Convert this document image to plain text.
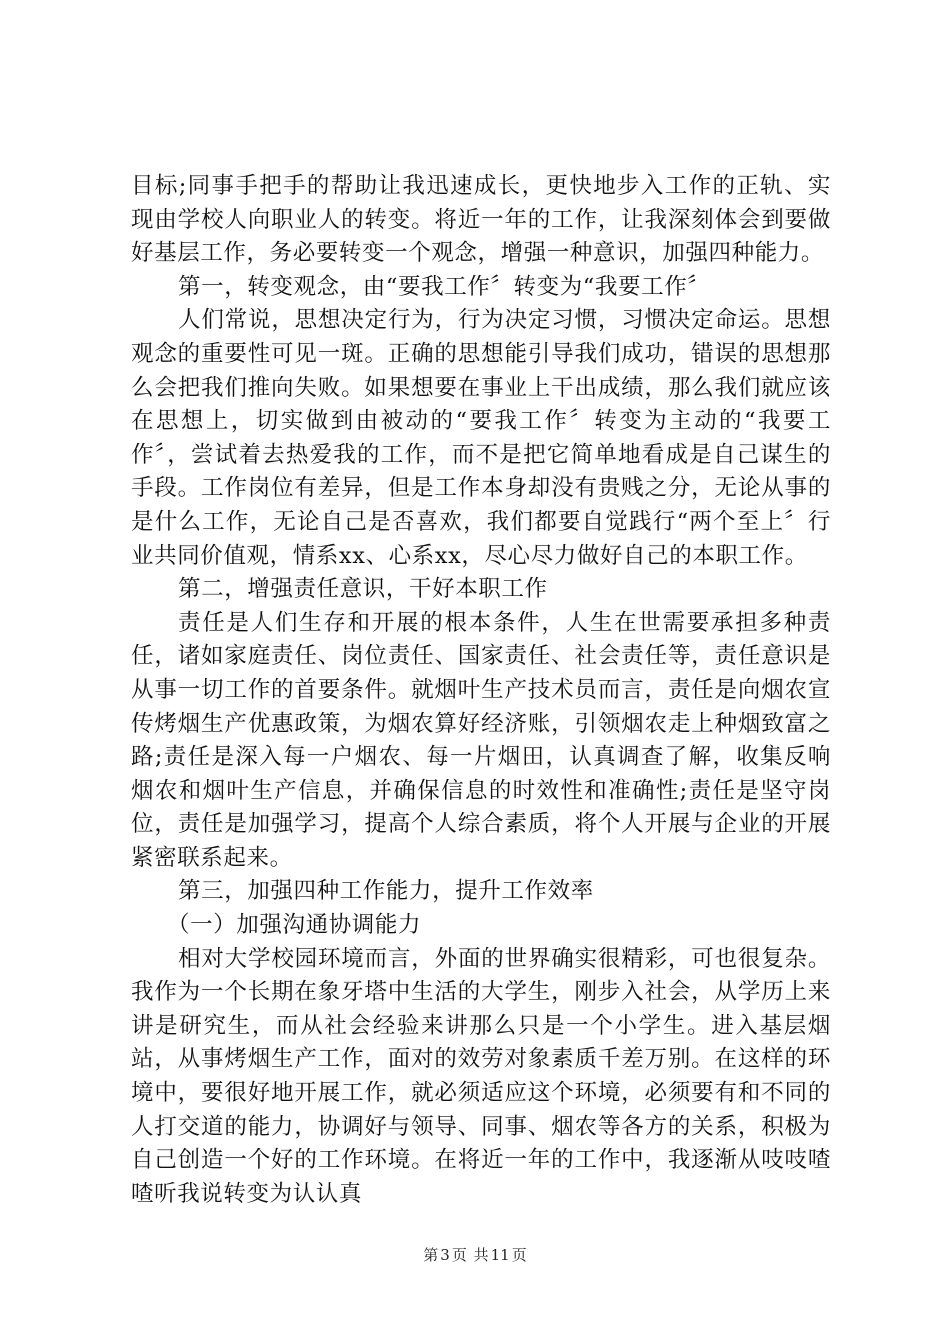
目标;同事手把手的帮助让我迅速成长，更快地步入工作的正轨、实现由学校人向职业人的转变。将近一年的工作，让我深刻体会到要做好基层工作，务必要转变一个观念，增强一种意识，加强四种能力。

第一，转变观念，由“要我工作〞转变为“我要工作〞

人们常说，思想决定行为，行为决定习惯，习惯决定命运。思想观念的重要性可见一斑。正确的思想能引导我们成功，错误的思想那么会把我们推向失败。如果想要在事业上干出成绩，那么我们就应该在思想上，切实做到由被动的“要我工作〞转变为主动的“我要工作〞，尝试着去热爱我的工作，而不是把它简单地看成是自己谋生的手段。工作岗位有差异，但是工作本身却没有贵贱之分，无论从事的是什么工作，无论自己是否喜欢，我们都要自觉践行“两个至上〞行业共同价值观，情系xx、心系xx，尽心尽力做好自己的本职工作。

第二，增强责任意识，干好本职工作

责任是人们生存和开展的根本条件，人生在世需要承担多种责任，诸如家庭责任、岗位责任、国家责任、社会责任等，责任意识是从事一切工作的首要条件。就烟叶生产技术员而言，责任是向烟农宣传烤烟生产优惠政策，为烟农算好经济账，引领烟农走上种烟致富之路;责任是深入每一户烟农、每一片烟田，认真调查了解，收集反响烟农和烟叶生产信息，并确保信息的时效性和准确性;责任是坚守岗位，责任是加强学习，提高个人综合素质，将个人开展与企业的开展紧密联系起来。

第三，加强四种工作能力，提升工作效率

（一）加强沟通协调能力

相对大学校园环境而言，外面的世界确实很精彩，可也很复杂。我作为一个长期在象牙塔中生活的大学生，刚步入社会，从学历上来讲是研究生，而从社会经验来讲那么只是一个小学生。进入基层烟站，从事烤烟生产工作，面对的效劳对象素质千差万别。在这样的环境中，要很好地开展工作，就必须适应这个环境，必须要有和不同的人打交道的能力，协调好与领导、同事、烟农等各方的关系，积极为自己创造一个好的工作环境。在将近一年的工作中，我逐渐从吱吱喳喳听我说转变为认认真

第 3 页 共 11 页
